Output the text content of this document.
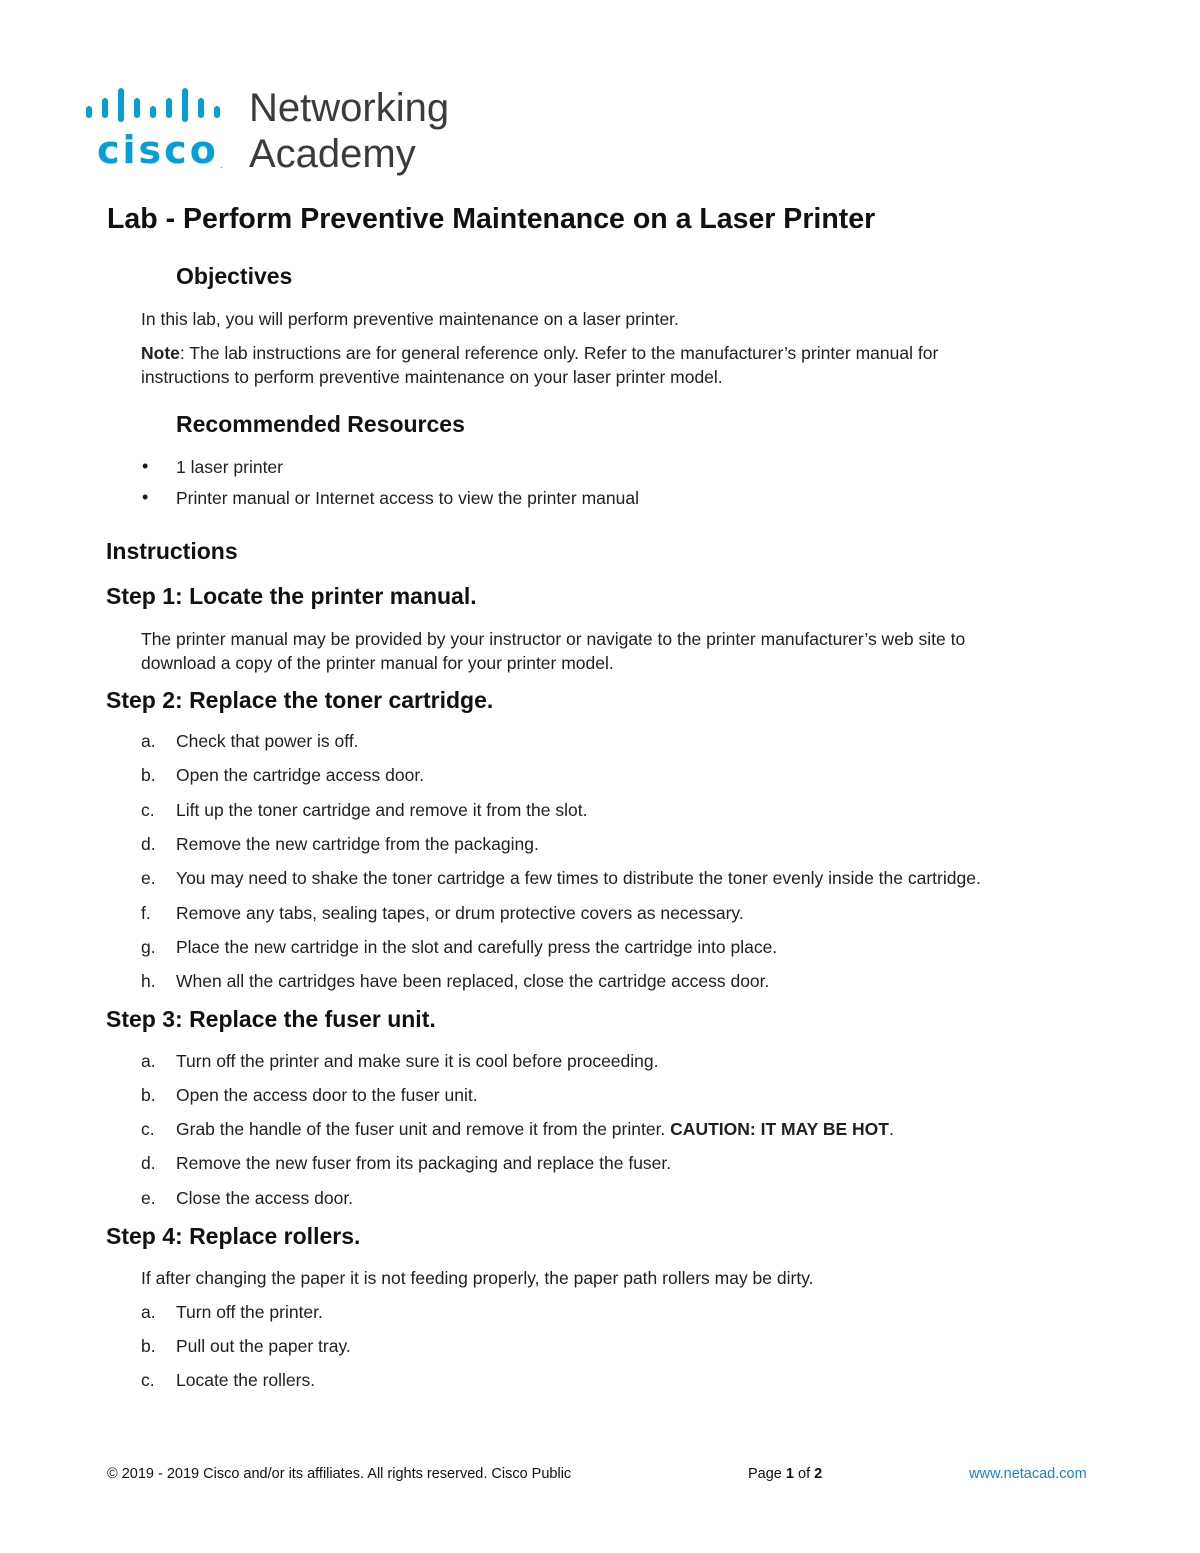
cisco .
Networking
Academy
Lab - Perform Preventive Maintenance on a Laser Printer
Objectives
In this lab, you will perform preventive maintenance on a laser printer.
Note: The lab instructions are for general reference only. Refer to the manufacturer’s printer manual for
instructions to perform preventive maintenance on your laser printer model.
Recommended Resources
• 1 laser printer
• Printer manual or Internet access to view the printer manual
Instructions
Step 1: Locate the printer manual.
The printer manual may be provided by your instructor or navigate to the printer manufacturer’s web site to
download a copy of the printer manual for your printer model.
Step 2: Replace the toner cartridge.
a.	Check that power is off.
b.	Open the cartridge access door.
c.	Lift up the toner cartridge and remove it from the slot.
d.	Remove the new cartridge from the packaging.
e.	You may need to shake the toner cartridge a few times to distribute the toner evenly inside the cartridge.
f.	Remove any tabs, sealing tapes, or drum protective covers as necessary.
g.	Place the new cartridge in the slot and carefully press the cartridge into place.
h.	When all the cartridges have been replaced, close the cartridge access door.
Step 3: Replace the fuser unit.
a.	Turn off the printer and make sure it is cool before proceeding.
b.	Open the access door to the fuser unit.
c.	Grab the handle of the fuser unit and remove it from the printer. CAUTION: IT MAY BE HOT.
d.	Remove the new fuser from its packaging and replace the fuser.
e.	Close the access door.
Step 4: Replace rollers.
If after changing the paper it is not feeding properly, the paper path rollers may be dirty.
a.	Turn off the printer.
b.	Pull out the paper tray.
c.	Locate the rollers.
© 2019 - 2019 Cisco and/or its affiliates. All rights reserved. Cisco Public	Page 1 of 2	www.netacad.com
